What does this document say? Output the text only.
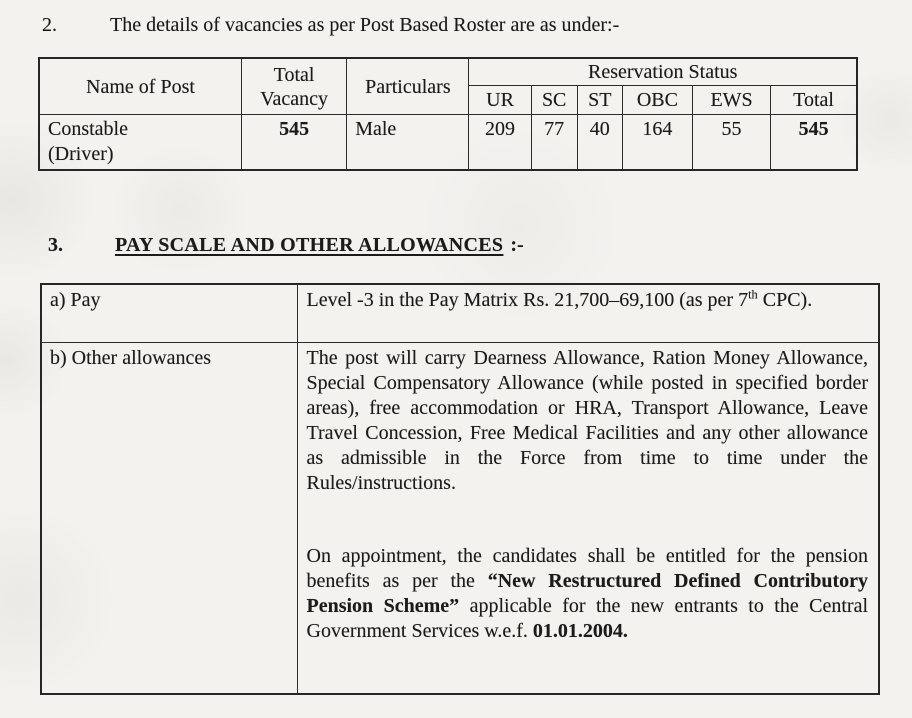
2.	The details of vacancies as per Post Based Roster are as under:-
Name of Post	Total Vacancy	Particulars	Reservation Status					
			UR	SC	ST	OBC	EWS	Total

Constable
(Driver)	545	Male	209	77	40	164	55	545
3.	PAY SCALE AND OTHER ALLOWANCES :-
a) Pay	Level -3 in the Pay Matrix Rs. 21,700–69,100 (as per 7th CPC).

b) Other allowances	The post will carry Dearness Allowance, Ration Money Allowance, Special Compensatory Allowance (while posted in specified border areas), free accommodation or HRA, Transport Allowance, Leave Travel Concession, Free Medical Facilities and any other allowance as admissible in the Force from time to time under the Rules/instructions.

On appointment, the candidates shall be entitled for the pension benefits as per the “New Restructured Defined Contributory Pension Scheme” applicable for the new entrants to the Central Government Services w.e.f. 01.01.2004.
